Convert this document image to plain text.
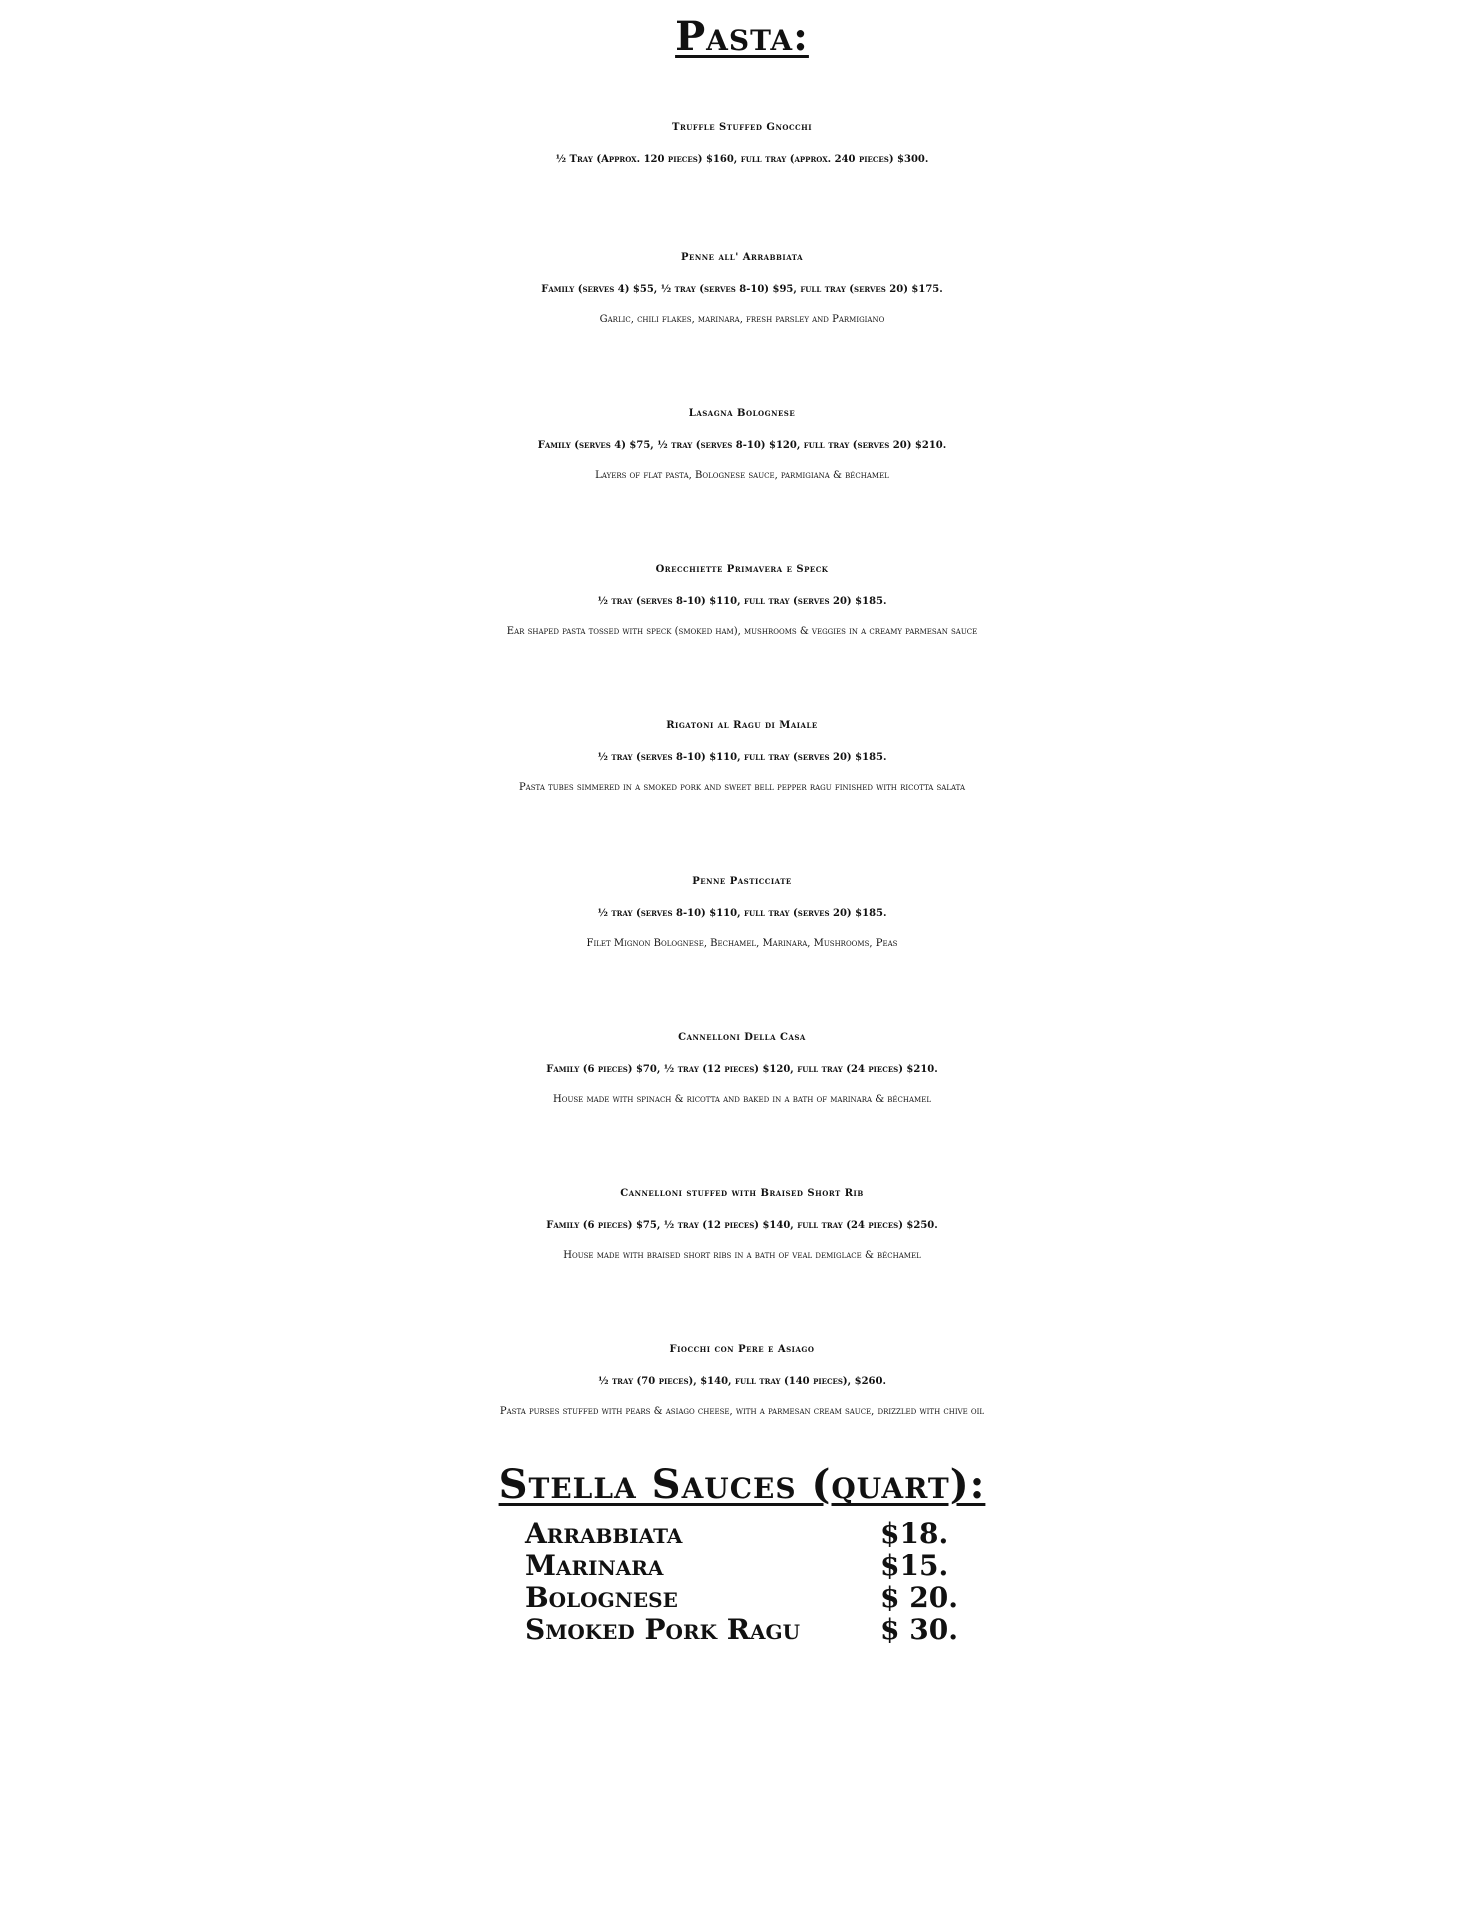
Pasta:
Truffle Stuffed Gnocchi
½ Tray (Approx. 120 pieces) $160, full tray (approx. 240 pieces) $300.
Penne all' Arrabbiata
Family (serves 4) $55, ½ tray (serves 8-10) $95, full tray (serves 20) $175.
Garlic, chili flakes, marinara, fresh parsley and Parmigiano
Lasagna Bolognese
Family (serves 4) $75, ½ tray (serves 8-10) $120, full tray (serves 20) $210.
Layers of flat pasta, Bolognese sauce, parmigiana & béchamel
Orecchiette Primavera e Speck
½ tray (serves 8-10) $110, full tray (serves 20) $185.
Ear shaped pasta tossed with speck (smoked ham), mushrooms & veggies in a creamy parmesan sauce
Rigatoni al Ragu di Maiale
½ tray (serves 8-10) $110, full tray (serves 20) $185.
Pasta tubes simmered in a smoked pork and sweet bell pepper ragu finished with ricotta salata
Penne Pasticciate
½ tray (serves 8-10) $110, full tray (serves 20) $185.
Filet Mignon Bolognese, Bechamel, Marinara, Mushrooms, Peas
Cannelloni Della Casa
Family (6 pieces) $70, ½ tray (12 pieces) $120, full tray (24 pieces) $210.
House made with spinach & ricotta and baked in a bath of marinara & béchamel
Cannelloni stuffed with Braised Short Rib
Family (6 pieces) $75, ½ tray (12 pieces) $140, full tray (24 pieces) $250.
House made with braised short ribs in a bath of veal demiglace & béchamel
Fiocchi con Pere e Asiago
½ tray (70 pieces), $140, full tray (140 pieces), $260.
Pasta purses stuffed with pears & asiago cheese, with a parmesan cream sauce, drizzled with chive oil
Stella Sauces (quart):
Arrabbiata	$18.
Marinara	$15.
Bolognese	$ 20.
Smoked Pork Ragu	$ 30.
